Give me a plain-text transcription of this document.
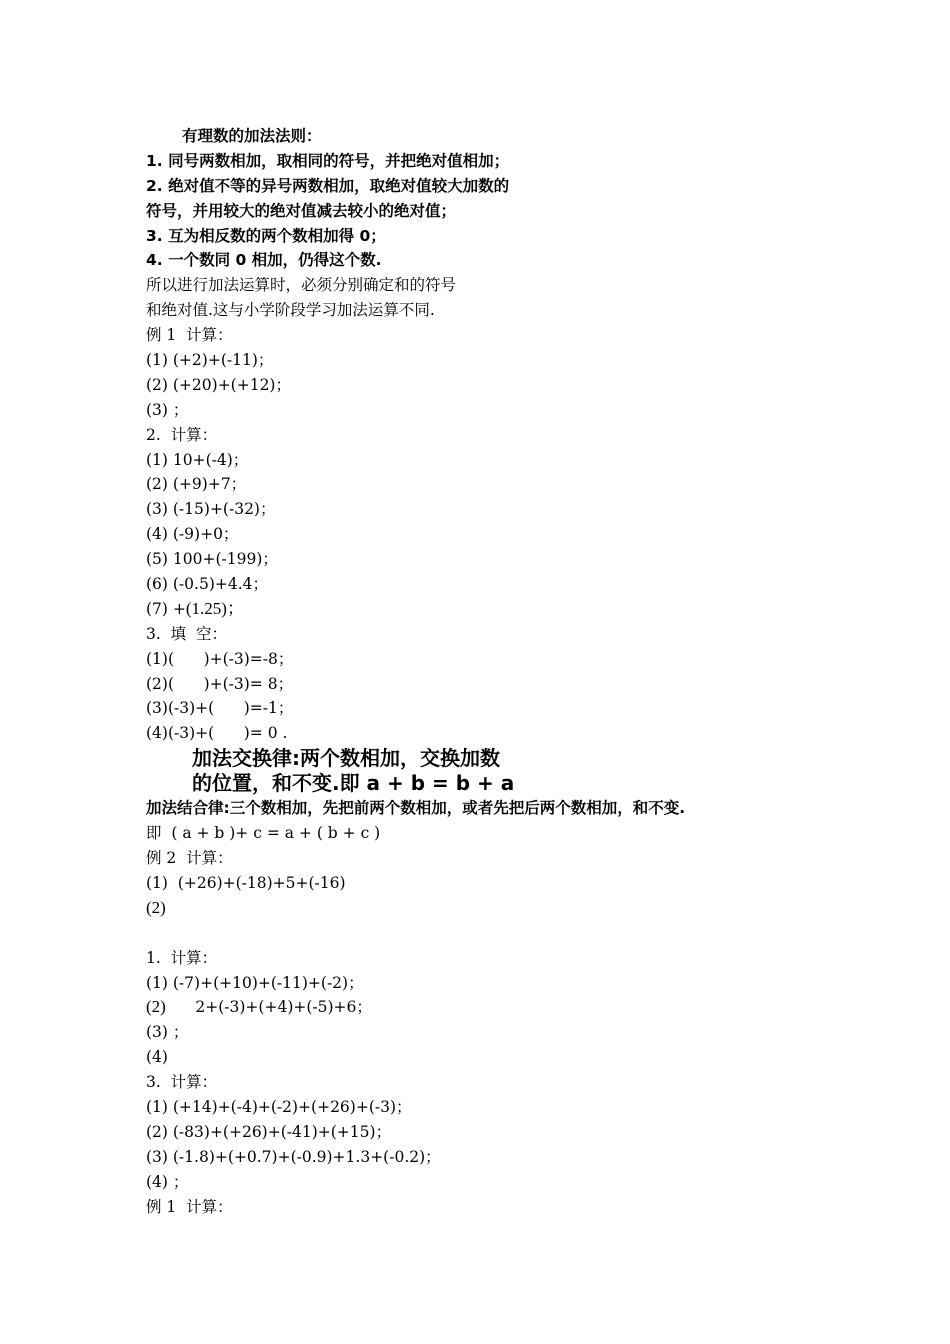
有理数的加法法则：
1. 同号两数相加，取相同的符号，并把绝对值相加；
2. 绝对值不等的异号两数相加，取绝对值较大加数的
符号，并用较大的绝对值减去较小的绝对值；
3. 互为相反数的两个数相加得 0；
4. 一个数同 0 相加，仍得这个数.
所以进行加法运算时，必须分别确定和的符号
和绝对值.这与小学阶段学习加法运算不同.
例 1  计算：
(1) (+2)+(-11)；
(2) (+20)+(+12)；
(3) ；
2.  计算：
(1) 10+(-4)；
(2) (+9)+7；
(3) (-15)+(-32)；
(4) (-9)+0；
(5) 100+(-199)；
(6) (-0.5)+4.4；
(7) +(1.25)；
3.  填  空：
(1)(      )+(-3)=-8；
(2)(      )+(-3)= 8；
(3)(-3)+(      )=-1；
(4)(-3)+(      )= 0 .
加法交换律:两个数相加，交换加数
的位置，和不变.即 a + b = b + a
加法结合律:三个数相加，先把前两个数相加，或者先把后两个数相加，和不变.
即  ( a + b )+ c = a + ( b + c )
例 2  计算：
(1)  (+26)+(-18)+5+(-16)
(2)
1.  计算：
(1) (-7)+(+10)+(-11)+(-2)；
(2) 2+(-3)+(+4)+(-5)+6；
(3) ；
(4)
3.  计算：
(1) (+14)+(-4)+(-2)+(+26)+(-3)；
(2) (-83)+(+26)+(-41)+(+15)；
(3) (-1.8)+(+0.7)+(-0.9)+1.3+(-0.2)；
(4) ；
例 1  计算：
